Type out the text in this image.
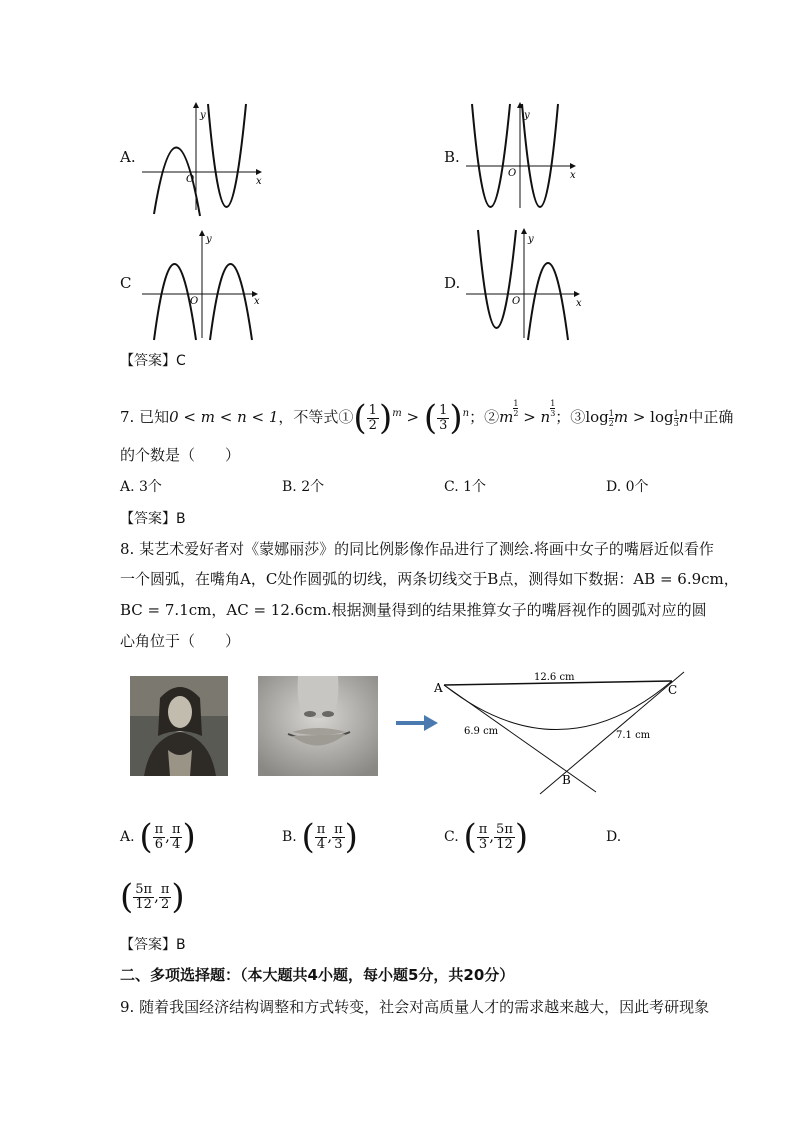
A.
y
x
O
B.
y
x
O
C
y
x
O
D.
y
x
O
【答案】C
7. 已知0 < m < n < 1，不等式①( $\frac{1}{2} )^m$ > ( $\frac{1}{3} )^n$；②m $\frac{1}{2} > n \frac{1}{3}$ ；③log $\frac{1}{2}$ $m > \log \frac{1}{3}$ n中正确
的个数是（　　）
A. 3个	B. 2个	C. 1个	D. 0个
【答案】B
8. 某艺术爱好者对《蒙娜丽莎》的同比例影像作品进行了测绘.将画中女子的嘴唇近似看作
一个圆弧，在嘴角A，C处作圆弧的切线，两条切线交于B点，测得如下数据：AB = 6.9cm，
BC = 7.1cm，AC = 12.6cm.根据测量得到的结果推算女子的嘴唇视作的圆弧对应的圆
心角位于（　　）
A	C
B
12.6 cm
6.9 cm	7.1 cm
A. ( $\frac{\pi}{6}$ , $\frac{\pi}{4}$ )	B. ( $\frac{\pi}{4}$ , $\frac{\pi}{3}$ )	C. ( $\frac{\pi}{3}$ , $\frac{5\pi}{12}$ )	D.
( $\frac{5\pi}{12}$ , $\frac{\pi}{2}$ )
【答案】B
二、多项选择题：（本大题共4小题，每小题5分，共20分）
9. 随着我国经济结构调整和方式转变，社会对高质量人才的需求越来越大，因此考研现象
